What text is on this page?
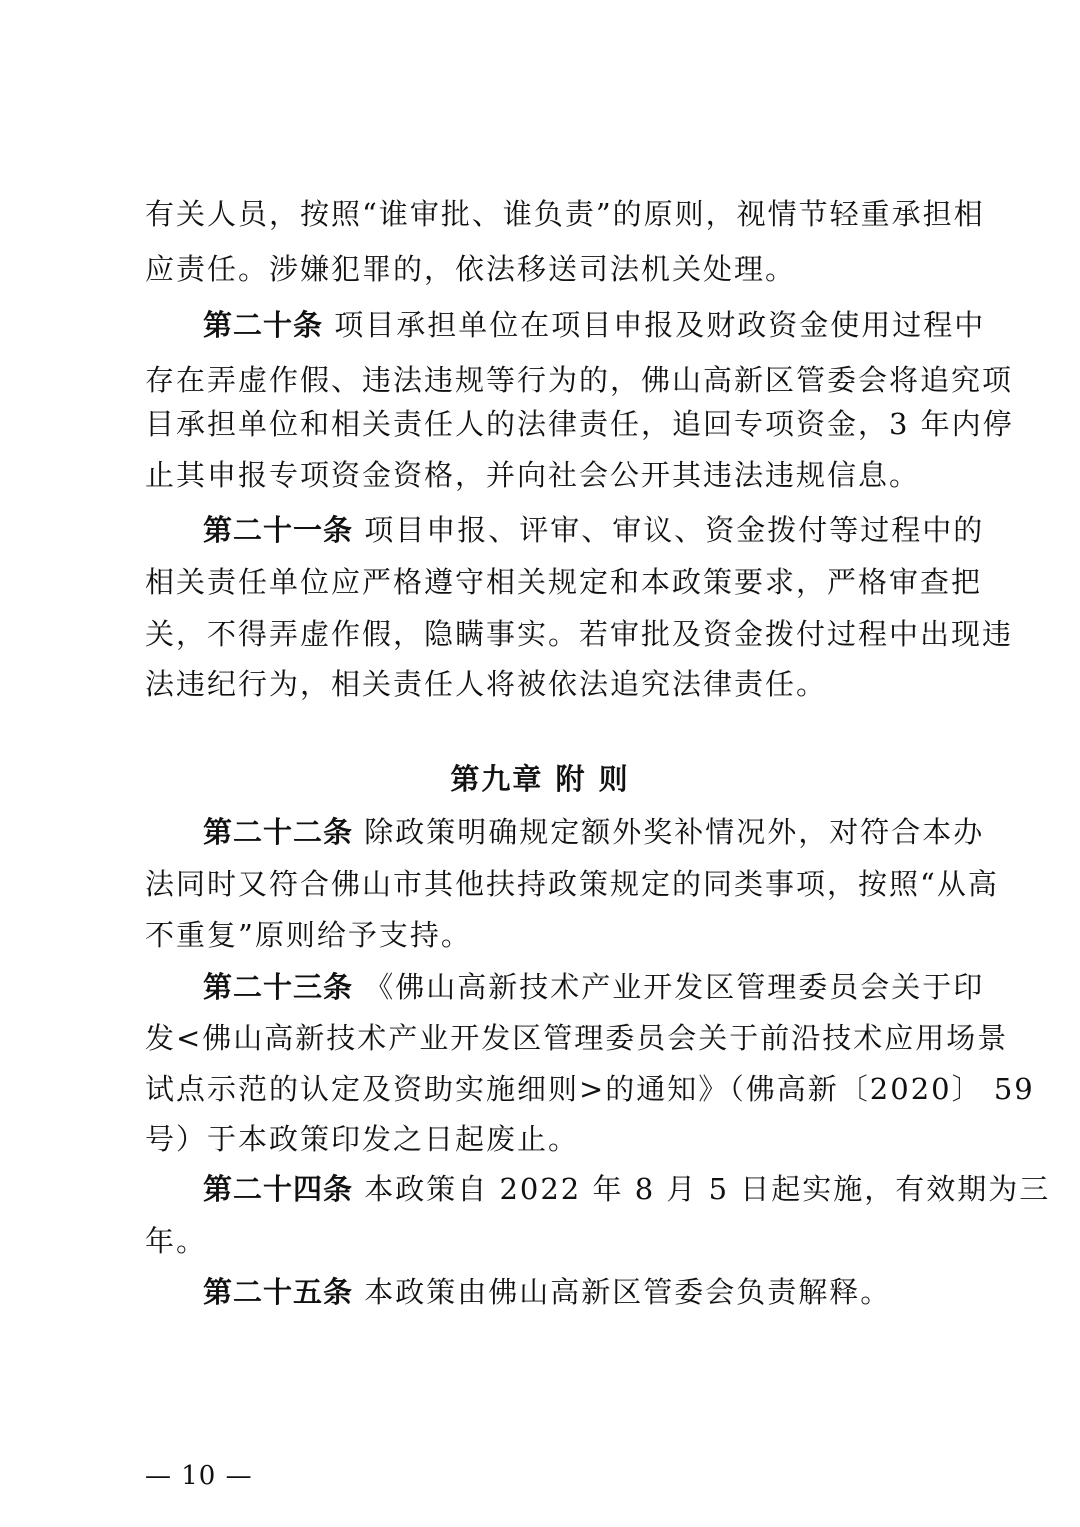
有关人员，按照“谁审批、谁负责”的原则，视情节轻重承担相
应责任。涉嫌犯罪的，依法移送司法机关处理。
第二十条 项目承担单位在项目申报及财政资金使用过程中
存在弄虚作假、违法违规等行为的，佛山高新区管委会将追究项
目承担单位和相关责任人的法律责任，追回专项资金，3 年内停
止其申报专项资金资格，并向社会公开其违法违规信息。
第二十一条 项目申报、评审、审议、资金拨付等过程中的
相关责任单位应严格遵守相关规定和本政策要求，严格审查把
关，不得弄虚作假，隐瞒事实。若审批及资金拨付过程中出现违
法违纪行为，相关责任人将被依法追究法律责任。
第九章 附 则
第二十二条 除政策明确规定额外奖补情况外，对符合本办
法同时又符合佛山市其他扶持政策规定的同类事项，按照“从高
不重复”原则给予支持。
第二十三条 《佛山高新技术产业开发区管理委员会关于印
发<佛山高新技术产业开发区管理委员会关于前沿技术应用场景
试点示范的认定及资助实施细则>的通知》（佛高新〔2020〕 59
号）于本政策印发之日起废止。
第二十四条 本政策自 2022 年 8 月 5 日起实施，有效期为三
年。
第二十五条 本政策由佛山高新区管委会负责解释。
— 10 —
